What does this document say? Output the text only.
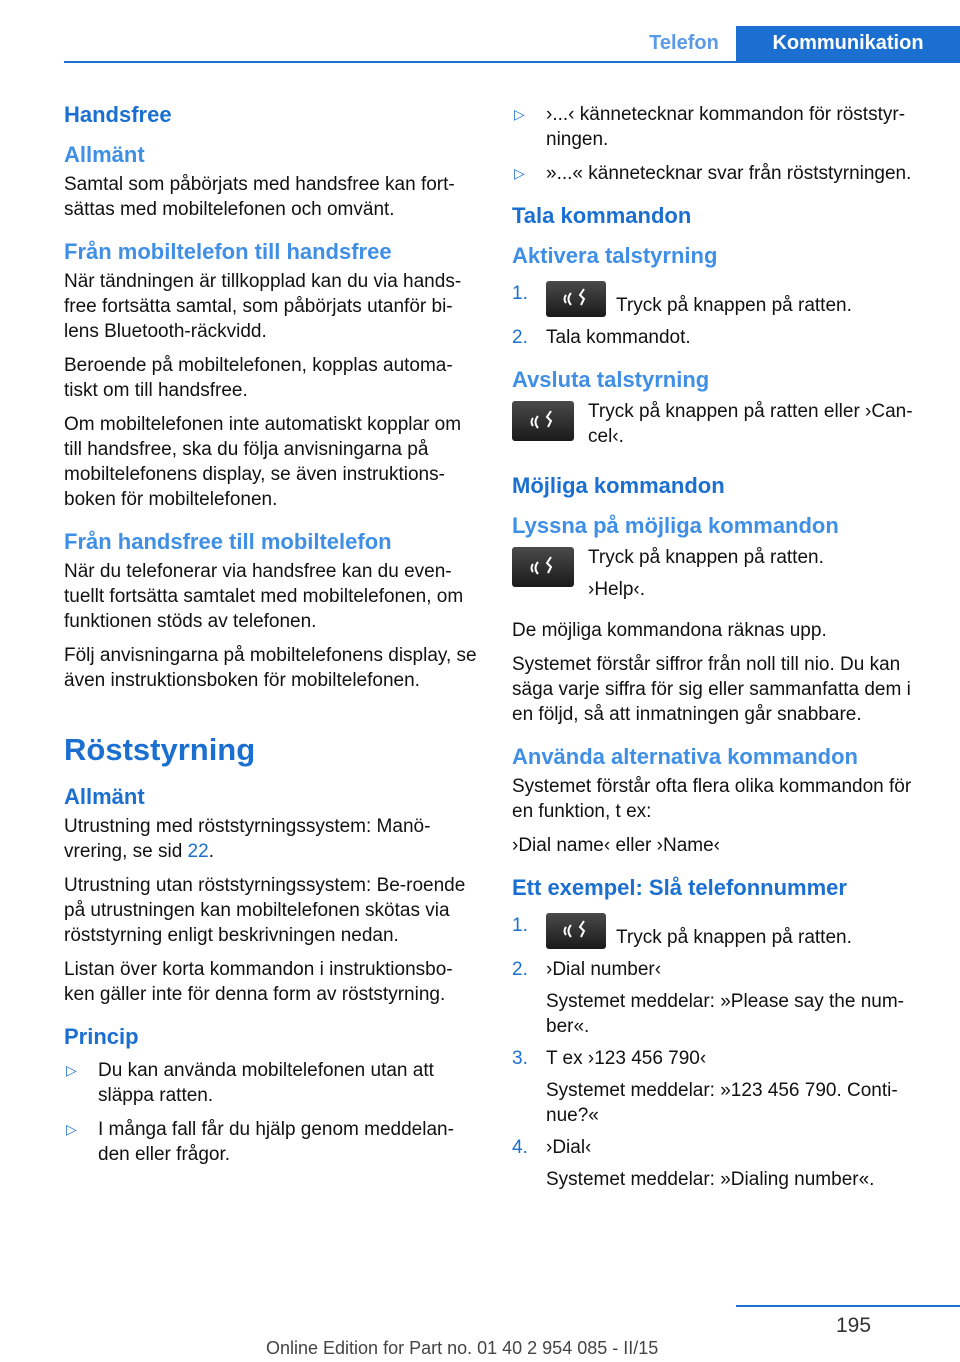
Telefon	Kommunikation
Handsfree
Allmänt

Samtal som påbörjats med handsfree kan fort‐sättas med mobiltelefonen och omvänt.

Från mobiltelefon till handsfree

När tändningen är tillkopplad kan du via hands‐free fortsätta samtal, som påbörjats utanför bi‐lens Bluetooth-räckvidd.

Beroende på mobiltelefonen, kopplas automa‐tiskt om till handsfree.

Om mobiltelefonen inte automatiskt kopplar om till handsfree, ska du följa anvisningarna på mobiltelefonens display, se även instruktions‐boken för mobiltelefonen.

Från handsfree till mobiltelefon

När du telefonerar via handsfree kan du even‐tuellt fortsätta samtalet med mobiltelefonen, om funktionen stöds av telefonen.

Följ anvisningarna på mobiltelefonens display, se även instruktionsboken för mobiltelefonen.

Röststyrning
Allmänt

Utrustning med röststyrningssystem: Manö‐vrering, se sid 22.

Utrustning utan röststyrningssystem: Be‐roende på utrustningen kan mobiltelefonen skötas via röststyrning enligt beskrivningen nedan.

Listan över korta kommandon i instruktionsbo‐ken gäller inte för denna form av röststyrning.

Princip
▷ Du kan använda mobiltelefonen utan att släppa ratten.
▷ I många fall får du hjälp genom meddelan‐den eller frågor.
▷ ›...‹ kännetecknar kommandon för röststyr‐ningen.
▷ »...« kännetecknar svar från röststyrningen.
Tala kommandon
Aktivera talstyrning
1.
Tryck på knappen på ratten.
2. Tala kommandot.
Avsluta talstyrning

Tryck på knappen på ratten eller ›Can‐cel‹.

Möjliga kommandon
Lyssna på möjliga kommandon

Tryck på knappen på ratten.

›Help‹.

De möjliga kommandona räknas upp.

Systemet förstår siffror från noll till nio. Du kan säga varje siffra för sig eller sammanfatta dem i en följd, så att inmatningen går snabbare.

Använda alternativa kommandon

Systemet förstår ofta flera olika kommandon för en funktion, t ex:

›Dial name‹ eller ›Name‹

Ett exempel: Slå telefonnummer
1.
Tryck på knappen på ratten.
2. ›Dial number‹
Systemet meddelar: »Please say the num‐ber«.
3. T ex ›123 456 790‹
Systemet meddelar: »123 456 790. Conti‐nue?«
4. ›Dial‹
Systemet meddelar: »Dialing number«.
195
Online Edition for Part no. 01 40 2 954 085 - II/15
